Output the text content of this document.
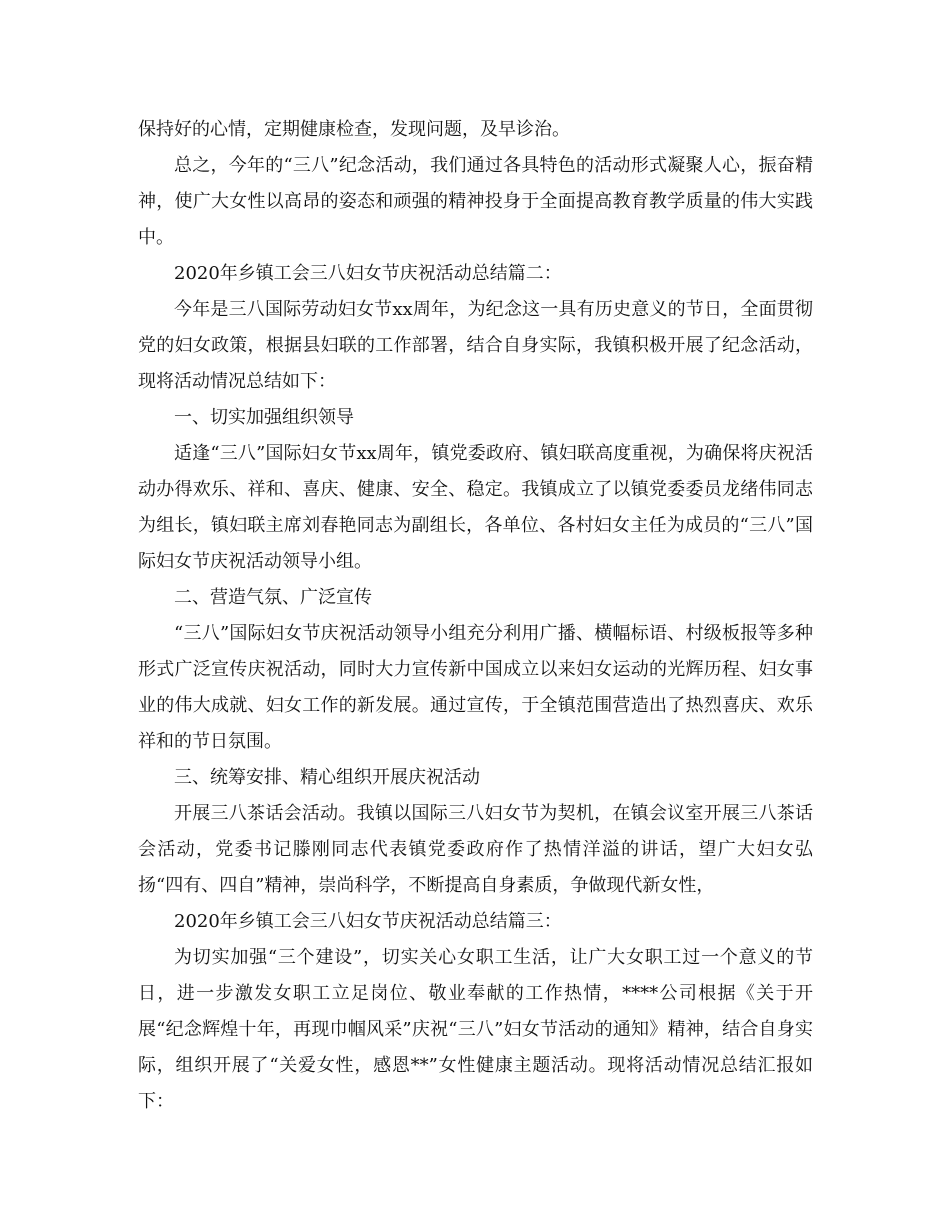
保持好的心情，定期健康检查，发现问题，及早诊治。

总之，今年的“三八”纪念活动，我们通过各具特色的活动形式凝聚人心，振奋精神，使广大女性以高昂的姿态和顽强的精神投身于全面提高教育教学质量的伟大实践中。

2020年乡镇工会三八妇女节庆祝活动总结篇二：

今年是三八国际劳动妇女节xx周年，为纪念这一具有历史意义的节日，全面贯彻党的妇女政策，根据县妇联的工作部署，结合自身实际，我镇积极开展了纪念活动，现将活动情况总结如下：

一、切实加强组织领导

适逢“三八”国际妇女节xx周年，镇党委政府、镇妇联高度重视，为确保将庆祝活动办得欢乐、祥和、喜庆、健康、安全、稳定。我镇成立了以镇党委委员龙绪伟同志为组长，镇妇联主席刘春艳同志为副组长，各单位、各村妇女主任为成员的“三八”国际妇女节庆祝活动领导小组。

二、营造气氛、广泛宣传

“三八”国际妇女节庆祝活动领导小组充分利用广播、横幅标语、村级板报等多种形式广泛宣传庆祝活动，同时大力宣传新中国成立以来妇女运动的光辉历程、妇女事业的伟大成就、妇女工作的新发展。通过宣传，于全镇范围营造出了热烈喜庆、欢乐祥和的节日氛围。

三、统筹安排、精心组织开展庆祝活动

开展三八茶话会活动。我镇以国际三八妇女节为契机，在镇会议室开展三八茶话会活动，党委书记滕刚同志代表镇党委政府作了热情洋溢的讲话，望广大妇女弘扬“四有、四自”精神，崇尚科学，不断提高自身素质，争做现代新女性，

2020年乡镇工会三八妇女节庆祝活动总结篇三：

为切实加强“三个建设”，切实关心女职工生活，让广大女职工过一个意义的节日，进一步激发女职工立足岗位、敬业奉献的工作热情，****公司根据《关于开展“纪念辉煌十年，再现巾帼风采”庆祝“三八”妇女节活动的通知》精神，结合自身实际，组织开展了“关爱女性，感恩**”女性健康主题活动。现将活动情况总结汇报如下：
